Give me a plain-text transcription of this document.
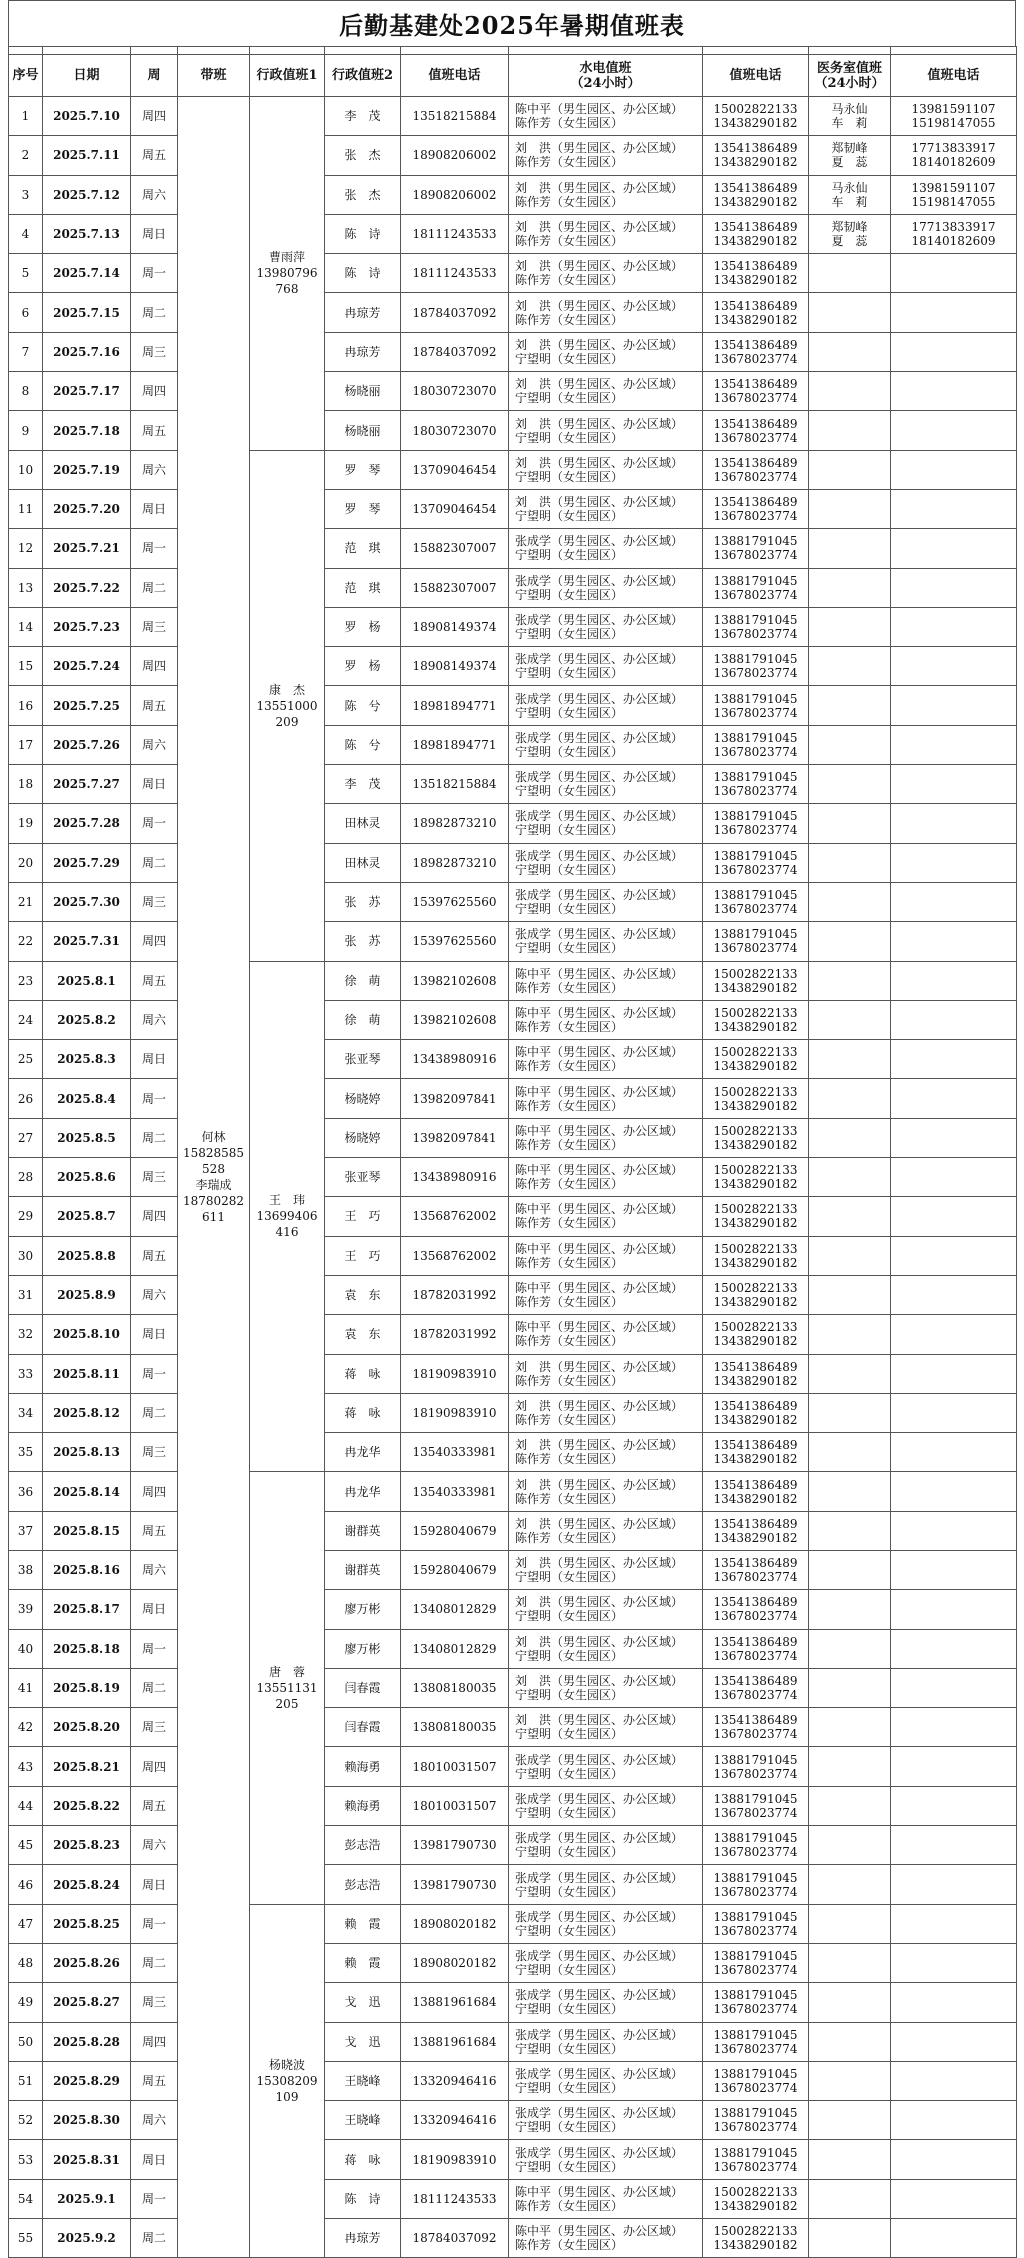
后勤基建处2025年暑期值班表

序号	日期	周	带班	行政值班1	行政值班2	值班电话	水电值班
（24小时）	值班电话	医务室值班
（24小时）	值班电话
1	2025.7.10	周四	何林
15828585528
李瑞成
18780282611	曹雨萍
13980796768	李　茂	13518215884	陈中平（男生园区、办公区域）
陈作芳（女生园区）	15002822133
13438290182	马永仙
车　莉	13981591107
15198147055

2	2025.7.11	周五			张　杰	18908206002	刘　洪（男生园区、办公区域）
陈作芳（女生园区）	13541386489
13438290182	郑韧峰
夏　蕊	17713833917
18140182609

3	2025.7.12	周六			张　杰	18908206002	刘　洪（男生园区、办公区域）
陈作芳（女生园区）	13541386489
13438290182	马永仙
车　莉	13981591107
15198147055

4	2025.7.13	周日			陈　诗	18111243533	刘　洪（男生园区、办公区域）
陈作芳（女生园区）	13541386489
13438290182	郑韧峰
夏　蕊	17713833917
18140182609

5	2025.7.14	周一			陈　诗	18111243533	刘　洪（男生园区、办公区域）
陈作芳（女生园区）	13541386489
13438290182		

6	2025.7.15	周二			冉琼芳	18784037092	刘　洪（男生园区、办公区域）
陈作芳（女生园区）	13541386489
13438290182		

7	2025.7.16	周三			冉琼芳	18784037092	刘　洪（男生园区、办公区域）
宁望明（女生园区）	13541386489
13678023774		

8	2025.7.17	周四			杨晓丽	18030723070	刘　洪（男生园区、办公区域）
宁望明（女生园区）	13541386489
13678023774		

9	2025.7.18	周五			杨晓丽	18030723070	刘　洪（男生园区、办公区域）
宁望明（女生园区）	13541386489
13678023774		

10	2025.7.19	周六		康　杰
13551000209	罗　琴	13709046454	刘　洪（男生园区、办公区域）
宁望明（女生园区）	13541386489
13678023774		

11	2025.7.20	周日			罗　琴	13709046454	刘　洪（男生园区、办公区域）
宁望明（女生园区）	13541386489
13678023774		

12	2025.7.21	周一			范　琪	15882307007	张成学（男生园区、办公区域）
宁望明（女生园区）	13881791045
13678023774		

13	2025.7.22	周二			范　琪	15882307007	张成学（男生园区、办公区域）
宁望明（女生园区）	13881791045
13678023774		

14	2025.7.23	周三			罗　杨	18908149374	张成学（男生园区、办公区域）
宁望明（女生园区）	13881791045
13678023774		

15	2025.7.24	周四			罗　杨	18908149374	张成学（男生园区、办公区域）
宁望明（女生园区）	13881791045
13678023774		

16	2025.7.25	周五			陈　兮	18981894771	张成学（男生园区、办公区域）
宁望明（女生园区）	13881791045
13678023774		

17	2025.7.26	周六			陈　兮	18981894771	张成学（男生园区、办公区域）
宁望明（女生园区）	13881791045
13678023774		

18	2025.7.27	周日			李　茂	13518215884	张成学（男生园区、办公区域）
宁望明（女生园区）	13881791045
13678023774		

19	2025.7.28	周一			田林灵	18982873210	张成学（男生园区、办公区域）
宁望明（女生园区）	13881791045
13678023774		

20	2025.7.29	周二			田林灵	18982873210	张成学（男生园区、办公区域）
宁望明（女生园区）	13881791045
13678023774		

21	2025.7.30	周三			张　苏	15397625560	张成学（男生园区、办公区域）
宁望明（女生园区）	13881791045
13678023774		

22	2025.7.31	周四			张　苏	15397625560	张成学（男生园区、办公区域）
宁望明（女生园区）	13881791045
13678023774		

23	2025.8.1	周五		王　玮
13699406416	徐　萌	13982102608	陈中平（男生园区、办公区域）
陈作芳（女生园区）	15002822133
13438290182		

24	2025.8.2	周六			徐　萌	13982102608	陈中平（男生园区、办公区域）
陈作芳（女生园区）	15002822133
13438290182		

25	2025.8.3	周日			张亚琴	13438980916	陈中平（男生园区、办公区域）
陈作芳（女生园区）	15002822133
13438290182		

26	2025.8.4	周一			杨晓婷	13982097841	陈中平（男生园区、办公区域）
陈作芳（女生园区）	15002822133
13438290182		

27	2025.8.5	周二			杨晓婷	13982097841	陈中平（男生园区、办公区域）
陈作芳（女生园区）	15002822133
13438290182		

28	2025.8.6	周三			张亚琴	13438980916	陈中平（男生园区、办公区域）
陈作芳（女生园区）	15002822133
13438290182		

29	2025.8.7	周四			王　巧	13568762002	陈中平（男生园区、办公区域）
陈作芳（女生园区）	15002822133
13438290182		

30	2025.8.8	周五			王　巧	13568762002	陈中平（男生园区、办公区域）
陈作芳（女生园区）	15002822133
13438290182		

31	2025.8.9	周六			袁　东	18782031992	陈中平（男生园区、办公区域）
陈作芳（女生园区）	15002822133
13438290182		

32	2025.8.10	周日			袁　东	18782031992	陈中平（男生园区、办公区域）
陈作芳（女生园区）	15002822133
13438290182		

33	2025.8.11	周一			蒋　咏	18190983910	刘　洪（男生园区、办公区域）
陈作芳（女生园区）	13541386489
13438290182		

34	2025.8.12	周二			蒋　咏	18190983910	刘　洪（男生园区、办公区域）
陈作芳（女生园区）	13541386489
13438290182		

35	2025.8.13	周三			冉龙华	13540333981	刘　洪（男生园区、办公区域）
陈作芳（女生园区）	13541386489
13438290182		

36	2025.8.14	周四		唐　蓉
13551131205	冉龙华	13540333981	刘　洪（男生园区、办公区域）
陈作芳（女生园区）	13541386489
13438290182		

37	2025.8.15	周五			谢群英	15928040679	刘　洪（男生园区、办公区域）
陈作芳（女生园区）	13541386489
13438290182		

38	2025.8.16	周六			谢群英	15928040679	刘　洪（男生园区、办公区域）
宁望明（女生园区）	13541386489
13678023774		

39	2025.8.17	周日			廖万彬	13408012829	刘　洪（男生园区、办公区域）
宁望明（女生园区）	13541386489
13678023774		

40	2025.8.18	周一			廖万彬	13408012829	刘　洪（男生园区、办公区域）
宁望明（女生园区）	13541386489
13678023774		

41	2025.8.19	周二			闫春霞	13808180035	刘　洪（男生园区、办公区域）
宁望明（女生园区）	13541386489
13678023774		

42	2025.8.20	周三			闫春霞	13808180035	刘　洪（男生园区、办公区域）
宁望明（女生园区）	13541386489
13678023774		

43	2025.8.21	周四			赖海勇	18010031507	张成学（男生园区、办公区域）
宁望明（女生园区）	13881791045
13678023774		

44	2025.8.22	周五			赖海勇	18010031507	张成学（男生园区、办公区域）
宁望明（女生园区）	13881791045
13678023774		

45	2025.8.23	周六			彭志浩	13981790730	张成学（男生园区、办公区域）
宁望明（女生园区）	13881791045
13678023774		

46	2025.8.24	周日			彭志浩	13981790730	张成学（男生园区、办公区域）
宁望明（女生园区）	13881791045
13678023774		

47	2025.8.25	周一		杨晓波
15308209109	赖　霞	18908020182	张成学（男生园区、办公区域）
宁望明（女生园区）	13881791045
13678023774		

48	2025.8.26	周二			赖　霞	18908020182	张成学（男生园区、办公区域）
宁望明（女生园区）	13881791045
13678023774		

49	2025.8.27	周三			戈　迅	13881961684	张成学（男生园区、办公区域）
宁望明（女生园区）	13881791045
13678023774		

50	2025.8.28	周四			戈　迅	13881961684	张成学（男生园区、办公区域）
宁望明（女生园区）	13881791045
13678023774		

51	2025.8.29	周五			王晓峰	13320946416	张成学（男生园区、办公区域）
宁望明（女生园区）	13881791045
13678023774		

52	2025.8.30	周六			王晓峰	13320946416	张成学（男生园区、办公区域）
宁望明（女生园区）	13881791045
13678023774		

53	2025.8.31	周日			蒋　咏	18190983910	张成学（男生园区、办公区域）
宁望明（女生园区）	13881791045
13678023774		

54	2025.9.1	周一			陈　诗	18111243533	陈中平（男生园区、办公区域）
陈作芳（女生园区）	15002822133
13438290182		

55	2025.9.2	周二			冉琼芳	18784037092	陈中平（男生园区、办公区域）
陈作芳（女生园区）	15002822133
13438290182		
